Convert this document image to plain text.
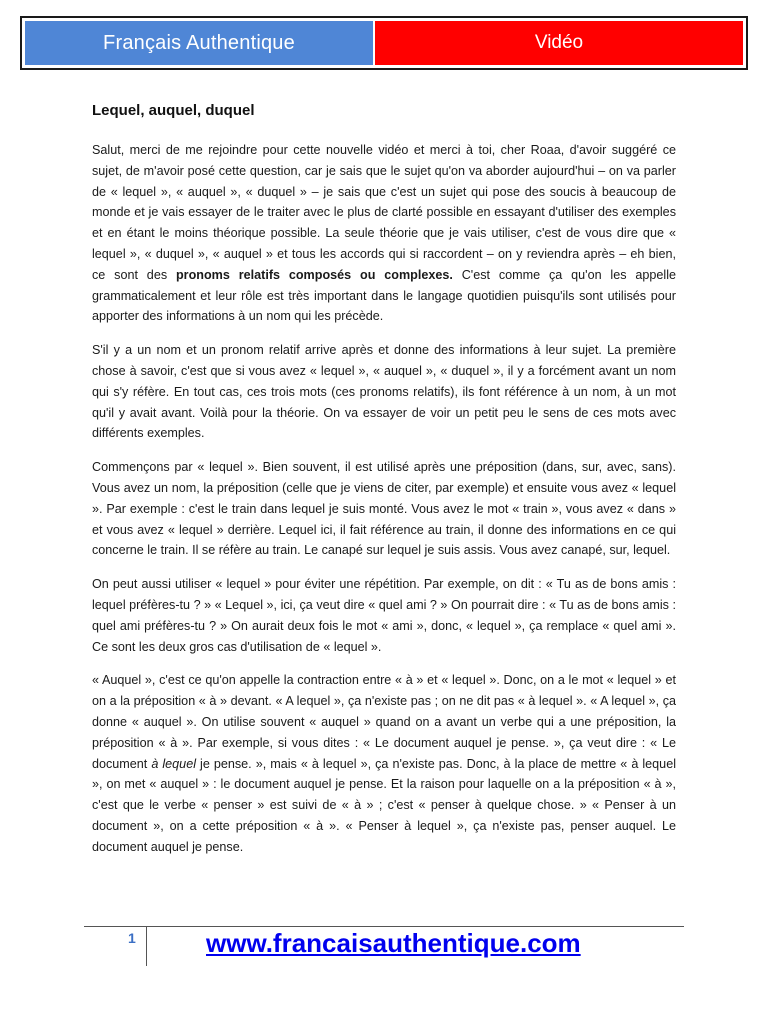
Français Authentique	Vidéo
Lequel, auquel, duquel

Salut, merci de me rejoindre pour cette nouvelle vidéo et merci à toi, cher Roaa, d'avoir suggéré ce sujet, de m'avoir posé cette question, car je sais que le sujet qu'on va aborder aujourd'hui – on va parler de « lequel », « auquel », « duquel » – je sais que c'est un sujet qui pose des soucis à beaucoup de monde et je vais essayer de le traiter avec le plus de clarté possible en essayant d'utiliser des exemples et en étant le moins théorique possible. La seule théorie que je vais utiliser, c'est de vous dire que « lequel », « duquel », « auquel » et tous les accords qui si raccordent – on y reviendra après – eh bien, ce sont des pronoms relatifs composés ou complexes. C'est comme ça qu'on les appelle grammaticalement et leur rôle est très important dans le langage quotidien puisqu'ils sont utilisés pour apporter des informations à un nom qui les précède.

S'il y a un nom et un pronom relatif arrive après et donne des informations à leur sujet. La première chose à savoir, c'est que si vous avez « lequel », « auquel », « duquel », il y a forcément avant un nom qui s'y réfère. En tout cas, ces trois mots (ces pronoms relatifs), ils font référence à un nom, à un mot qu'il y avait avant. Voilà pour la théorie. On va essayer de voir un petit peu le sens de ces mots avec différents exemples.

Commençons par « lequel ». Bien souvent, il est utilisé après une préposition (dans, sur, avec, sans). Vous avez un nom, la préposition (celle que je viens de citer, par exemple) et ensuite vous avez « lequel ». Par exemple : c'est le train dans lequel je suis monté. Vous avez le mot « train », vous avez « dans » et vous avez « lequel » derrière. Lequel ici, il fait référence au train, il donne des informations en ce qui concerne le train. Il se réfère au train. Le canapé sur lequel je suis assis. Vous avez canapé, sur, lequel.

On peut aussi utiliser « lequel » pour éviter une répétition. Par exemple, on dit : « Tu as de bons amis : lequel préfères-tu ? » « Lequel », ici, ça veut dire « quel ami ? » On pourrait dire : « Tu as de bons amis : quel ami préfères-tu ? » On aurait deux fois le mot « ami », donc, « lequel », ça remplace « quel ami ». Ce sont les deux gros cas d'utilisation de « lequel ».

« Auquel », c'est ce qu'on appelle la contraction entre « à » et « lequel ». Donc, on a le mot « lequel » et on a la préposition « à » devant. « A lequel », ça n'existe pas ; on ne dit pas « à lequel ». « A lequel », ça donne « auquel ». On utilise souvent « auquel » quand on a avant un verbe qui a une préposition, la préposition « à ». Par exemple, si vous dites : « Le document auquel je pense. », ça veut dire : « Le document à lequel je pense. », mais « à lequel », ça n'existe pas. Donc, à la place de mettre « à lequel », on met « auquel » : le document auquel je pense. Et la raison pour laquelle on a la préposition « à », c'est que le verbe « penser » est suivi de « à » ; c'est « penser à quelque chose. » « Penser à un document », on a cette préposition « à ». « Penser à lequel », ça n'existe pas, penser auquel. Le document auquel je pense.

1	www.francaisauthentique.com
